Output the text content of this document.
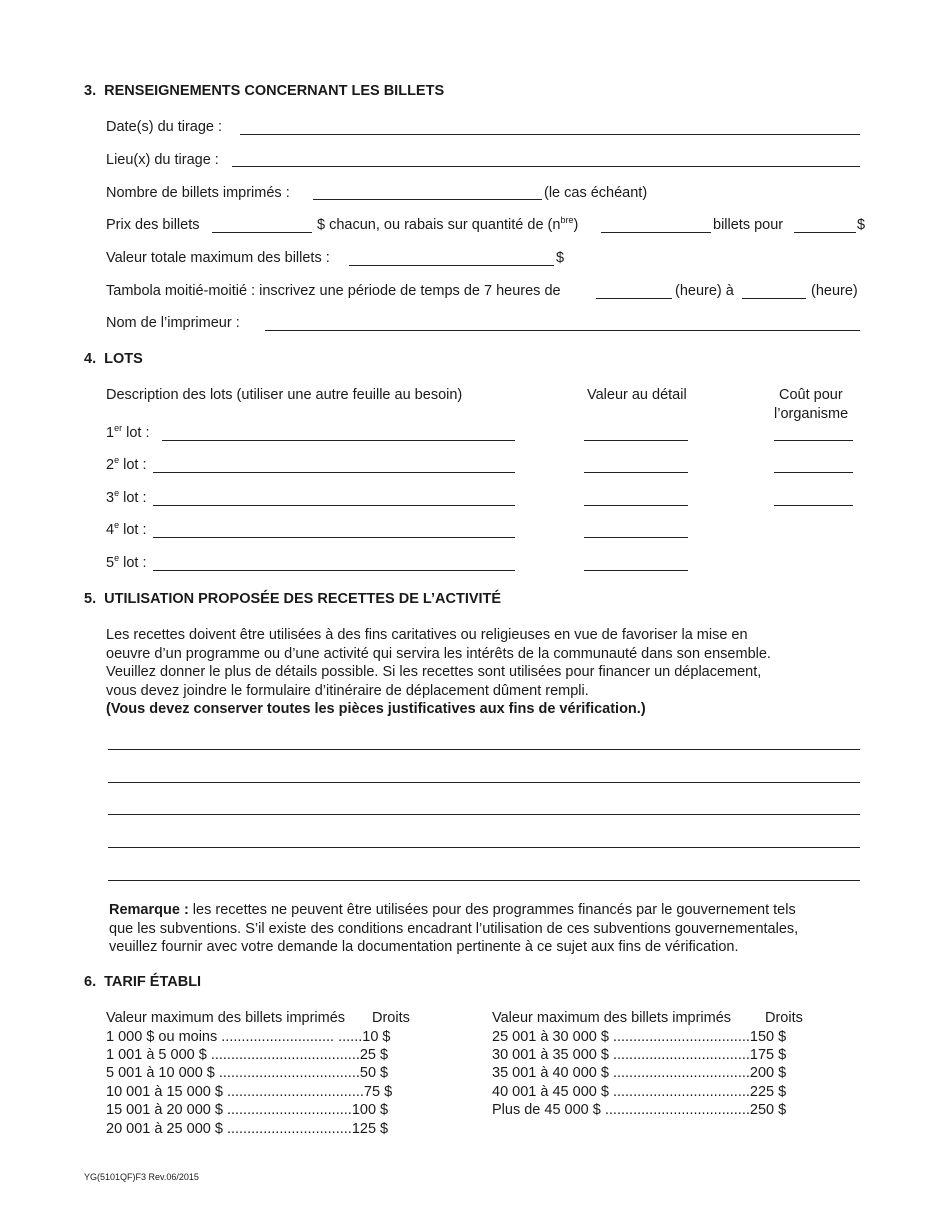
3. RENSEIGNEMENTS CONCERNANT LES BILLETS
Date(s) du tirage :
Lieu(x) du tirage :
Nombre de billets imprimés :	(le cas échéant)
Prix des billets	$ chacun, ou rabais sur quantité de $(n^{bre})$	billets pour	$
Valeur totale maximum des billets :	$
Tambola moitié-moitié : inscrivez une période de temps de 7 heures de	(heure) à	(heure)
Nom de l’imprimeur :
4. LOTS
Description des lots (utiliser une autre feuille au besoin)	Valeur au détail	Coût pour
l’organisme
1er lot :
2e lot :
3e lot :
4e lot :
5e lot :
5. UTILISATION PROPOSÉE DES RECETTES DE L’ACTIVITÉ
Les recettes doivent être utilisées à des fins caritatives ou religieuses en vue de favoriser la mise en
oeuvre d’un programme ou d’une activité qui servira les intérêts de la communauté dans son ensemble.
Veuillez donner le plus de détails possible. Si les recettes sont utilisées pour financer un déplacement,
vous devez joindre le formulaire d’itinéraire de déplacement dûment rempli.
(Vous devez conserver toutes les pièces justificatives aux fins de vérification.)
Remarque : les recettes ne peuvent être utilisées pour des programmes financés par le gouvernement tels
que les subventions. S’il existe des conditions encadrant l’utilisation de ces subventions gouvernementales,
veuillez fournir avec votre demande la documentation pertinente à ce sujet aux fins de vérification.
6. TARIF ÉTABLI
Valeur maximum des billets imprimés Droits
1 000 $ ou moins ............................ ......10 $
1 001 à 5 000 $ .....................................25 $
5 001 à 10 000 $ ...................................50 $
10 001 à 15 000 $ ..................................75 $
15 001 à 20 000 $ ...............................100 $
20 001 à 25 000 $ ...............................125 $
Valeur maximum des billets imprimés Droits
25 001 à 30 000 $ ..................................150 $
30 001 à 35 000 $ ..................................175 $
35 001 à 40 000 $ ..................................200 $
40 001 à 45 000 $ ..................................225 $
Plus de 45 000 $ ....................................250 $
YG(5101QF)F3 Rev.06/2015
